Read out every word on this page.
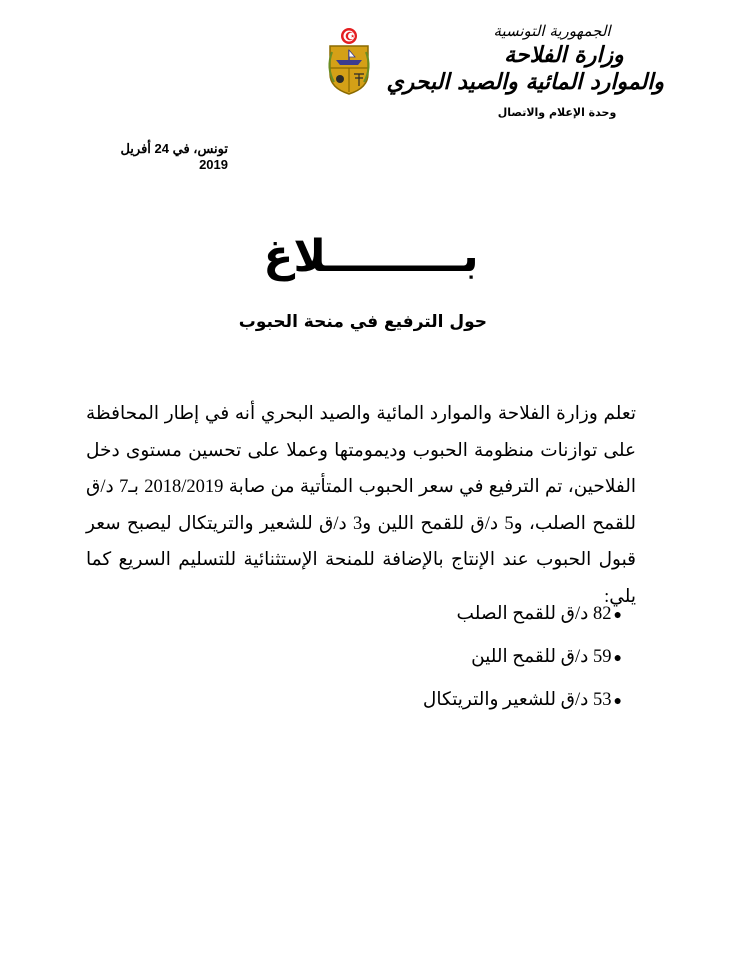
الجمهورية التونسية
وزارة الفلاحة
والموارد المائية والصيد البحري
وحدة الإعلام والاتصال
تونس، في 24 أفريل 2019
بـــــــــلاغ
حول الترفيع في منحة الحبوب
تعلم وزارة الفلاحة والموارد المائية والصيد البحري أنه في إطار المحافظة على توازنات منظومة الحبوب وديمومتها وعملا على تحسين مستوى دخل الفلاحين، تم الترفيع في سعر الحبوب المتأتية من صابة 2018/2019 بـ7 د/ق للقمح الصلب، و5 د/ق للقمح اللين و3 د/ق للشعير والتريتكال ليصبح سعر قبول الحبوب عند الإنتاج بالإضافة للمنحة الإستثنائية للتسليم السريع كما يلي:
●82 د/ق للقمح الصلب
●59 د/ق للقمح اللين
●53 د/ق للشعير والتريتكال
